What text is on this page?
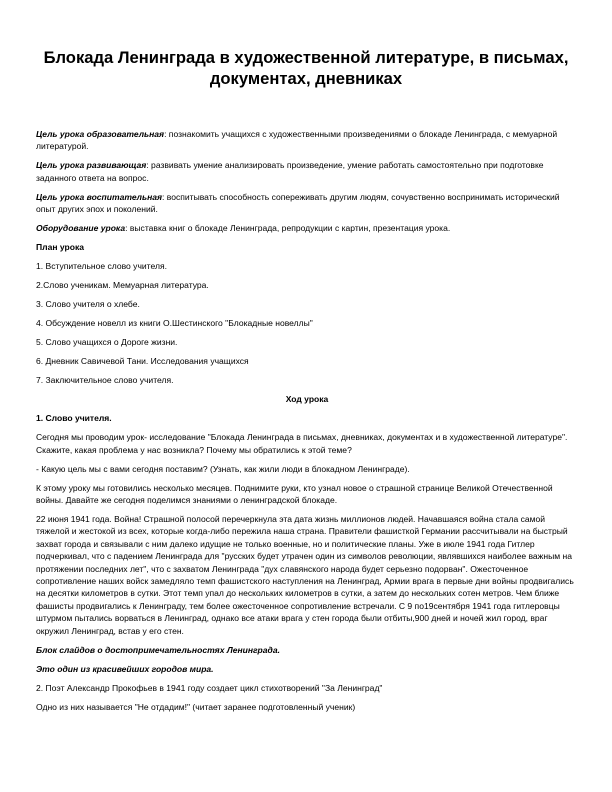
Блокада Ленинграда в художественной литературе, в письмах, документах, дневниках

Цель урока образовательная: познакомить учащихся с художественными произведениями о блокаде Ленинграда, с мемуарной литературой.

Цель урока развивающая: развивать умение анализировать произведение, умение работать самостоятельно при подготовке заданного ответа на вопрос.

Цель урока воспитательная: воспитывать способность сопереживать другим людям, сочувственно воспринимать исторический опыт других эпох и поколений.

Оборудование урока: выставка книг о блокаде Ленинграда, репродукции с картин, презентация урока.

План урока

1. Вступительное слово учителя.

2.Слово ученикам. Мемуарная литература.

3. Слово учителя о хлебе.

4. Обсуждение новелл из книги О.Шестинского "Блокадные новеллы"

5. Слово учащихся о Дороге жизни.

6. Дневник Савичевой Тани. Исследования учащихся

7. Заключительное слово учителя.

Ход урока

1. Слово учителя.

Сегодня мы проводим урок- исследование "Блокада Ленинграда в письмах, дневниках, документах и в художественной литературе". Скажите, какая проблема у нас возникла? Почему мы обратились к этой теме?

- Какую цель мы с вами сегодня поставим? (Узнать, как жили люди в блокадном Ленинграде).

К этому уроку мы готовились несколько месяцев. Поднимите руки, кто узнал новое о страшной странице Великой Отечественной войны. Давайте же сегодня поделимся знаниями о ленинградской блокаде.

22 июня 1941 года. Война! Страшной полосой перечеркнула эта дата жизнь миллионов людей. Начавшаяся война стала самой тяжелой и жестокой из всех, которые когда-либо пережила наша страна. Правители фашисткой Германии рассчитывали на быстрый захват города и связывали с ним далеко идущие не только военные, но и политические планы. Уже в июле 1941 года Гитлер подчеркивал, что с падением Ленинграда для "русских будет утрачен один из символов революции, являвшихся наиболее важным на протяжении последних лет", что с захватом Ленинграда "дух славянского народа будет серьезно подорван". Ожесточенное сопротивление наших войск замедляло темп фашистского наступления на Ленинград, Армии врага в первые дни войны продвигались на десятки километров в сутки. Этот темп упал до нескольких километров в сутки, а затем до нескольких сотен метров. Чем ближе фашисты продвигались к Ленинграду, тем более ожесточенное сопротивление встречали. С 9 по19сентября 1941 года гитлеровцы штурмом пытались ворваться в Ленинград, однако все атаки врага у стен города были отбиты,900 дней и ночей жил город, враг окружил Ленинград, встав у его стен.

Блок слайдов о достопримечательностях Ленинграда.

Это один из красивейших городов мира.

2. Поэт Александр Прокофьев в 1941 году создает цикл стихотворений "За Ленинград"

Одно из них называется "Не отдадим!" (читает заранее подготовленный ученик)
